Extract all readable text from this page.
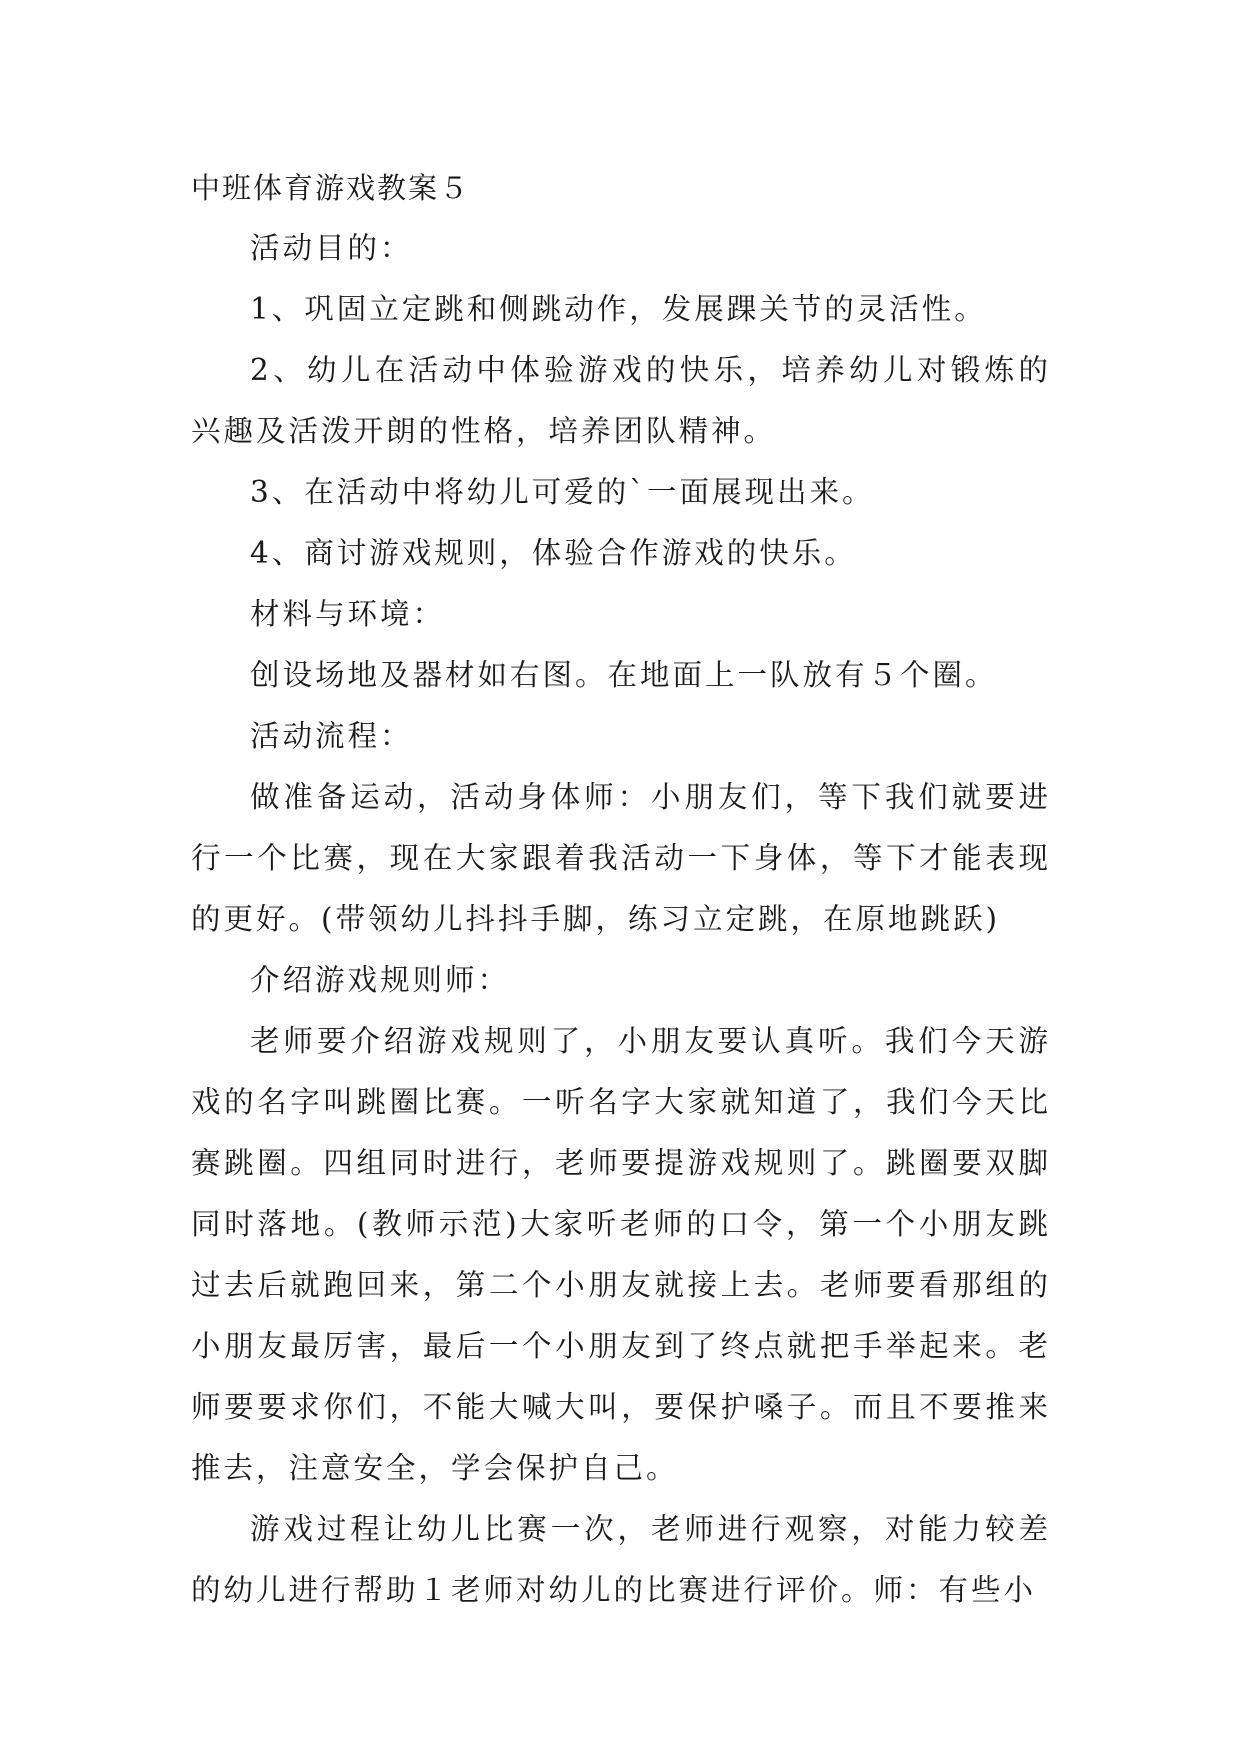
中班体育游戏教案５

活动目的：

1、巩固立定跳和侧跳动作，发展踝关节的灵活性。

2、幼儿在活动中体验游戏的快乐，培养幼儿对锻炼的兴趣及活泼开朗的性格，培养团队精神。

3、在活动中将幼儿可爱的`一面展现出来。

4、商讨游戏规则，体验合作游戏的快乐。

材料与环境：

创设场地及器材如右图。在地面上一队放有５个圈。

活动流程：

做准备运动，活动身体师：小朋友们，等下我们就要进行一个比赛，现在大家跟着我活动一下身体，等下才能表现的更好。(带领幼儿抖抖手脚，练习立定跳，在原地跳跃)

介绍游戏规则师：

老师要介绍游戏规则了，小朋友要认真听。我们今天游戏的名字叫跳圈比赛。一听名字大家就知道了，我们今天比赛跳圈。四组同时进行，老师要提游戏规则了。跳圈要双脚同时落地。(教师示范)大家听老师的口令，第一个小朋友跳过去后就跑回来，第二个小朋友就接上去。老师要看那组的小朋友最厉害，最后一个小朋友到了终点就把手举起来。老师要要求你们，不能大喊大叫，要保护嗓子。而且不要推来推去，注意安全，学会保护自己。

游戏过程让幼儿比赛一次，老师进行观察，对能力较差的幼儿进行帮助１老师对幼儿的比赛进行评价。师：有些小
